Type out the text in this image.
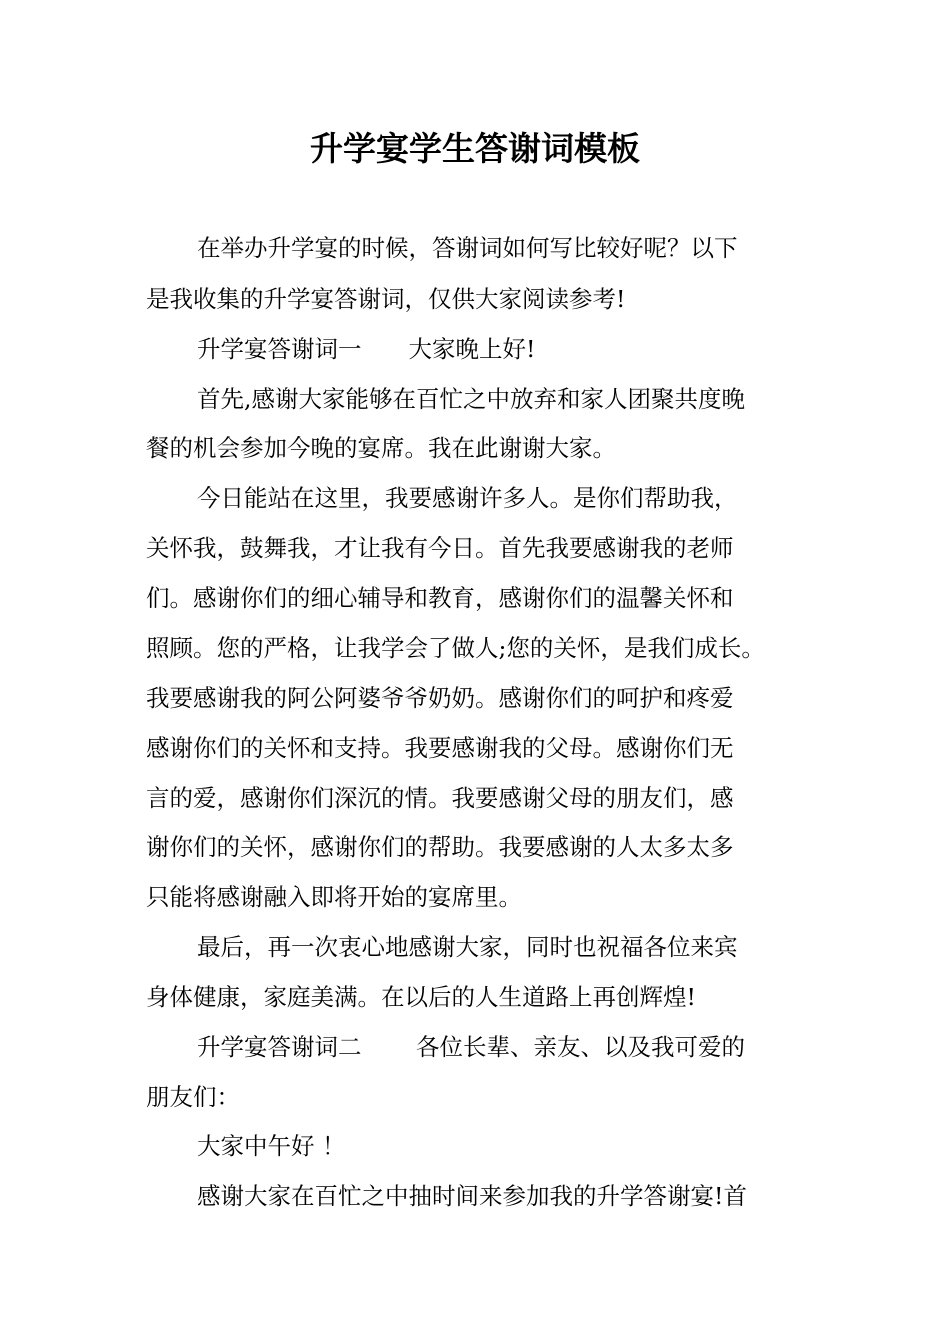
升学宴学生答谢词模板
在举办升学宴的时候，答谢词如何写比较好呢？以下
是我收集的升学宴答谢词，仅供大家阅读参考!
升学宴答谢词一　　大家晚上好!
首先,感谢大家能够在百忙之中放弃和家人团聚共度晚
餐的机会参加今晚的宴席。我在此谢谢大家。
今日能站在这里，我要感谢许多人。是你们帮助我，
关怀我，鼓舞我，才让我有今日。首先我要感谢我的老师
们。感谢你们的细心辅导和教育，感谢你们的温馨关怀和
照顾。您的严格，让我学会了做人;您的关怀，是我们成长。
我要感谢我的阿公阿婆爷爷奶奶。感谢你们的呵护和疼爱
感谢你们的关怀和支持。我要感谢我的父母。感谢你们无
言的爱，感谢你们深沉的情。我要感谢父母的朋友们，感
谢你们的关怀，感谢你们的帮助。我要感谢的人太多太多
只能将感谢融入即将开始的宴席里。
最后，再一次衷心地感谢大家，同时也祝福各位来宾
身体健康，家庭美满。在以后的人生道路上再创辉煌!
升学宴答谢词二　　 各位长辈、亲友、以及我可爱的
朋友们：
大家中午好 ！
感谢大家在百忙之中抽时间来参加我的升学答谢宴!首
